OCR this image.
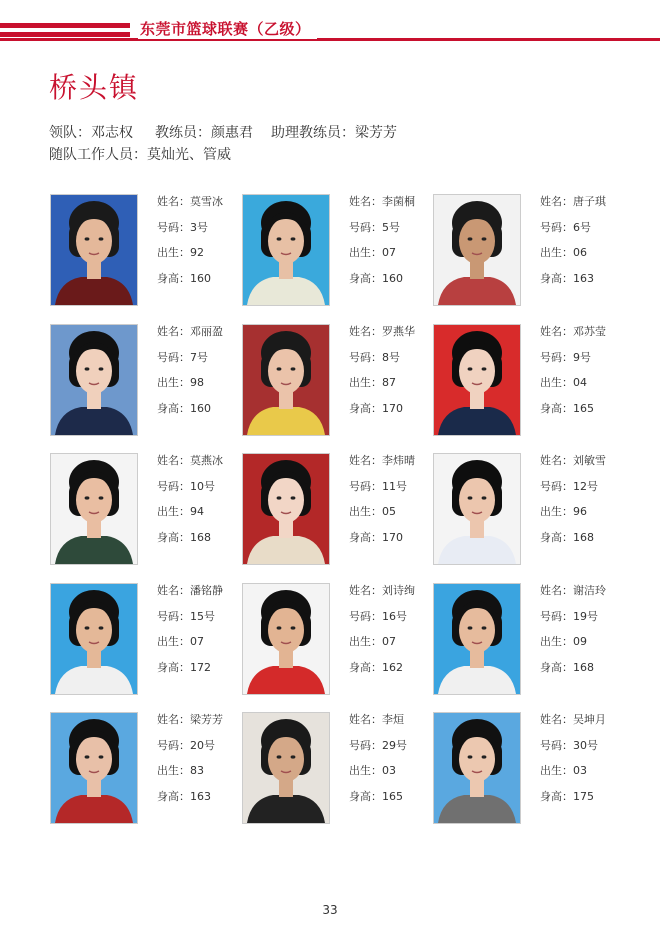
东莞市篮球联赛（乙级）
桥头镇
领队：邓志权 教练员：颜惠君 助理教练员：梁芳芳
随队工作人员：莫灿光、管威
姓名：莫雪冰
号码：3号
出生：92
身高：160
姓名：李菌桐
号码：5号
出生：07
身高：160
姓名：唐子琪
号码：6号
出生：06
身高：163
姓名：邓丽盈
号码：7号
出生：98
身高：160
姓名：罗燕华
号码：8号
出生：87
身高：170
姓名：邓苏莹
号码：9号
出生：04
身高：165
姓名：莫燕冰
号码：10号
出生：94
身高：168
姓名：李炜晴
号码：11号
出生：05
身高：170
姓名：刘敏雪
号码：12号
出生：96
身高：168
姓名：潘铭静
号码：15号
出生：07
身高：172
姓名：刘诗绚
号码：16号
出生：07
身高：162
姓名：谢洁玲
号码：19号
出生：09
身高：168
姓名：梁芳芳
号码：20号
出生：83
身高：163
姓名：李烜
号码：29号
出生：03
身高：165
姓名：吴坤月
号码：30号
出生：03
身高：175
33
